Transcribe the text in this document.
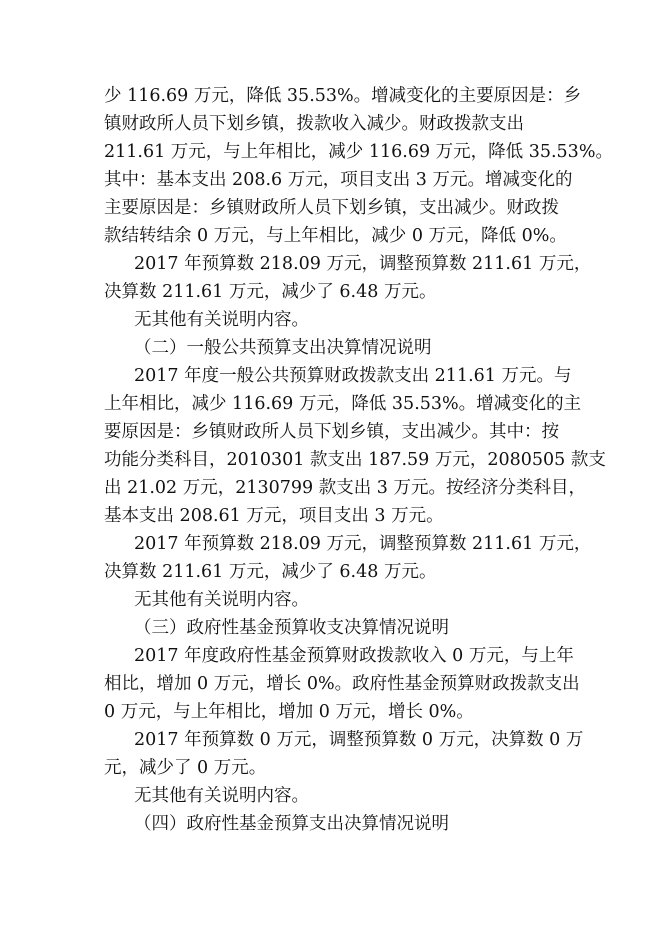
少 116.69 万元，降低 35.53%。增减变化的主要原因是：乡
镇财政所人员下划乡镇，拨款收入减少。财政拨款支出
211.61 万元，与上年相比，减少 116.69 万元，降低 35.53%。
其中：基本支出 208.6 万元，项目支出 3 万元。增减变化的
主要原因是：乡镇财政所人员下划乡镇，支出减少。财政拨
款结转结余 0 万元，与上年相比，减少 0 万元，降低 0%。
2017 年预算数 218.09 万元，调整预算数 211.61 万元，
决算数 211.61 万元，减少了 6.48 万元。
无其他有关说明内容。
（二）一般公共预算支出决算情况说明
2017 年度一般公共预算财政拨款支出 211.61 万元。与
上年相比，减少 116.69 万元，降低 35.53%。增减变化的主
要原因是：乡镇财政所人员下划乡镇，支出减少。其中：按
功能分类科目，2010301 款支出 187.59 万元，2080505 款支
出 21.02 万元，2130799 款支出 3 万元。按经济分类科目，
基本支出 208.61 万元，项目支出 3 万元。
2017 年预算数 218.09 万元，调整预算数 211.61 万元，
决算数 211.61 万元，减少了 6.48 万元。
无其他有关说明内容。
（三）政府性基金预算收支决算情况说明
2017 年度政府性基金预算财政拨款收入 0 万元，与上年
相比，增加 0 万元，增长 0%。政府性基金预算财政拨款支出
0 万元，与上年相比，增加 0 万元，增长 0%。
2017 年预算数 0 万元，调整预算数 0 万元，决算数 0 万
元，减少了 0 万元。
无其他有关说明内容。
（四）政府性基金预算支出决算情况说明
